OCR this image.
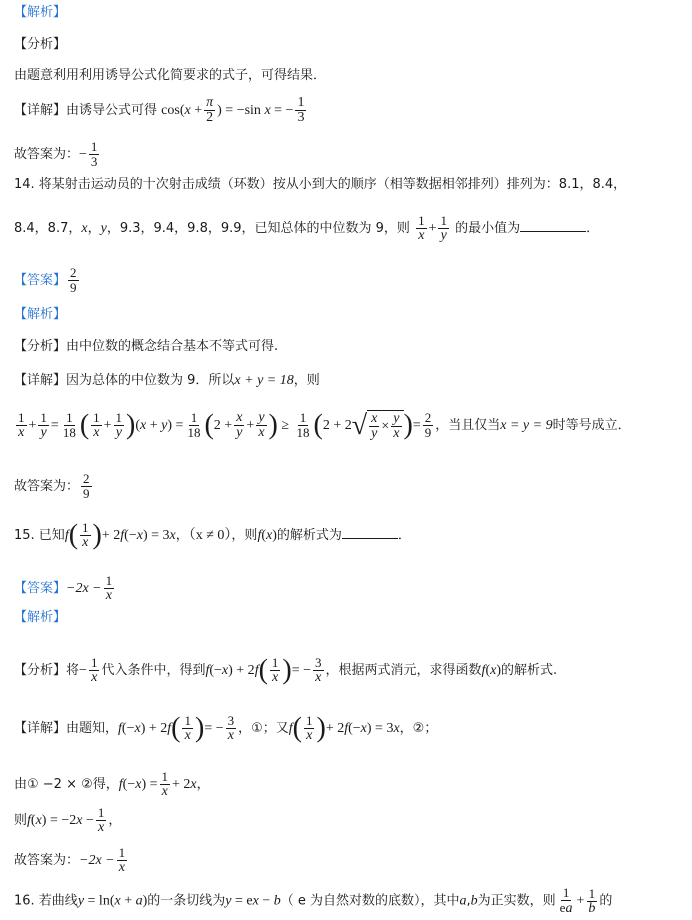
【解析】
【分析】
由题意利用利用诱导公式化简要求的式子，可得结果．
【详解】由诱导公式可得 $\cos(x + \frac{\pi}{2}$ ) = −sin x = − $\frac{1}{3}$
故答案为：− $\frac{1}{3}$
14. 将某射击运动员的十次射击成绩（环数）按从小到大的顺序（相等数据相邻排列）排列为：8.1，8.4，
8.4，8.7，x，y，9.3，9.4，9.8，9.9，已知总体的中位数为 9，则 $\frac{1}{x} + \frac{1}{y}$ 的最小值为	．
【答案】 $\frac{2}{9}$
【解析】
【分析】由中位数的概念结合基本不等式可得.
【详解】因为总体的中位数为 9．所以x + y = 18，则
$\frac{1}{x} + \frac{1}{y} = \frac{1}{18}$ ( $\frac{1}{x} + \frac{1}{y} )(x + y) = \frac{1}{18} (2 + \frac{x}{y} + \frac{y}{x}$ ) ≥ $\frac{1}{18} (2 + 2$ √ $\frac{x}{y} \times \frac{y}{x}$ )= $\frac{2}{9}$ ，当且仅当x = y = 9时等号成立．
故答案为： $\frac{2}{9}$
15. 已知$f( \frac{1}{x}$ )+ 2f(−x) = 3x，（x ≠ 0），则f(x)的解析式为	．
【答案】$-2x - \frac{1}{x}$
【解析】
【分析】将− $\frac{1}{x}$ 代入条件中，得到$f(-x) + 2f( \frac{1}{x}$ )= − $\frac{3}{x}$ ，根据两式消元，求得函数f(x)的解析式.
【详解】由题知，$f(-x) + 2f( \frac{1}{x}$ )= − $\frac{3}{x}$ ，①；又$f( \frac{1}{x}$ )+ 2f(−x) = 3x，②；
由① −2 × ②得，$f(-x) = \frac{1}{x} + 2x$，
则$f(x) = -2x - \frac{1}{x}$ ，
故答案为：$-2x - \frac{1}{x}$
16. 若曲线y = ln(x + a)的一条切线为y = ex − b（ e 为自然对数的底数），其中a,b为正实数，则 $\frac{1}{ea} + \frac{1}{b}$ 的
